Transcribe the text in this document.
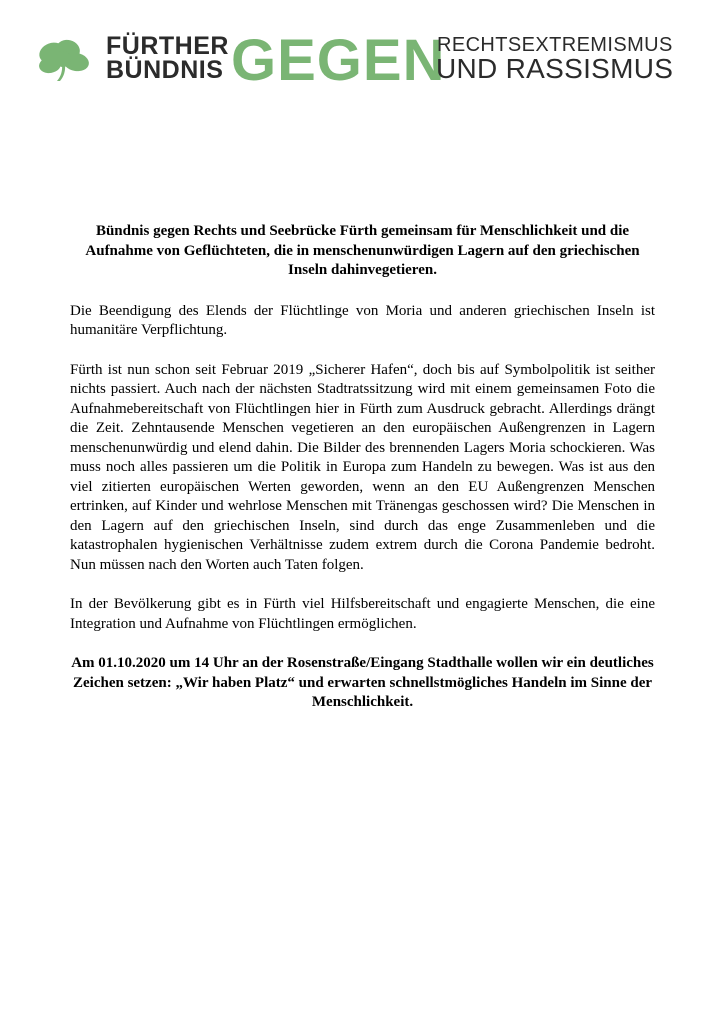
FÜRTHER
BÜNDNIS GEGEN
RECHTSEXTREMISMUS
UND RASSISMUS

Bündnis gegen Rechts und Seebrücke Fürth gemeinsam für Menschlichkeit und die Aufnahme von Geflüchteten, die in menschenunwürdigen Lagern auf den griechischen Inseln dahinvegetieren.

Die Beendigung des Elends der Flüchtlinge von Moria und anderen griechischen Inseln ist humanitäre Verpflichtung.

Fürth ist nun schon seit Februar 2019 „Sicherer Hafen“, doch bis auf Symbolpolitik ist seither nichts passiert. Auch nach der nächsten Stadtratssitzung wird mit einem gemeinsamen Foto die Aufnahmebereitschaft von Flüchtlingen hier in Fürth zum Ausdruck gebracht. Allerdings drängt die Zeit. Zehntausende Menschen vegetieren an den europäischen Außengrenzen in Lagern menschenunwürdig und elend dahin. Die Bilder des brennenden Lagers Moria schockieren. Was muss noch alles passieren um die Politik in Europa zum Handeln zu bewegen. Was ist aus den viel zitierten europäischen Werten geworden, wenn an den EU Außengrenzen Menschen ertrinken, auf Kinder und wehrlose Menschen mit Tränengas geschossen wird? Die Menschen in den Lagern auf den griechischen Inseln, sind durch das enge Zusammenleben und die katastrophalen hygienischen Verhältnisse zudem extrem durch die Corona Pandemie bedroht. Nun müssen nach den Worten auch Taten folgen.

In der Bevölkerung gibt es in Fürth viel Hilfsbereitschaft und engagierte Menschen, die eine Integration und Aufnahme von Flüchtlingen ermöglichen.

Am 01.10.2020 um 14 Uhr an der Rosenstraße/Eingang Stadthalle wollen wir ein deutliches Zeichen setzen: „Wir haben Platz“ und erwarten schnellstmögliches Handeln im Sinne der Menschlichkeit.
